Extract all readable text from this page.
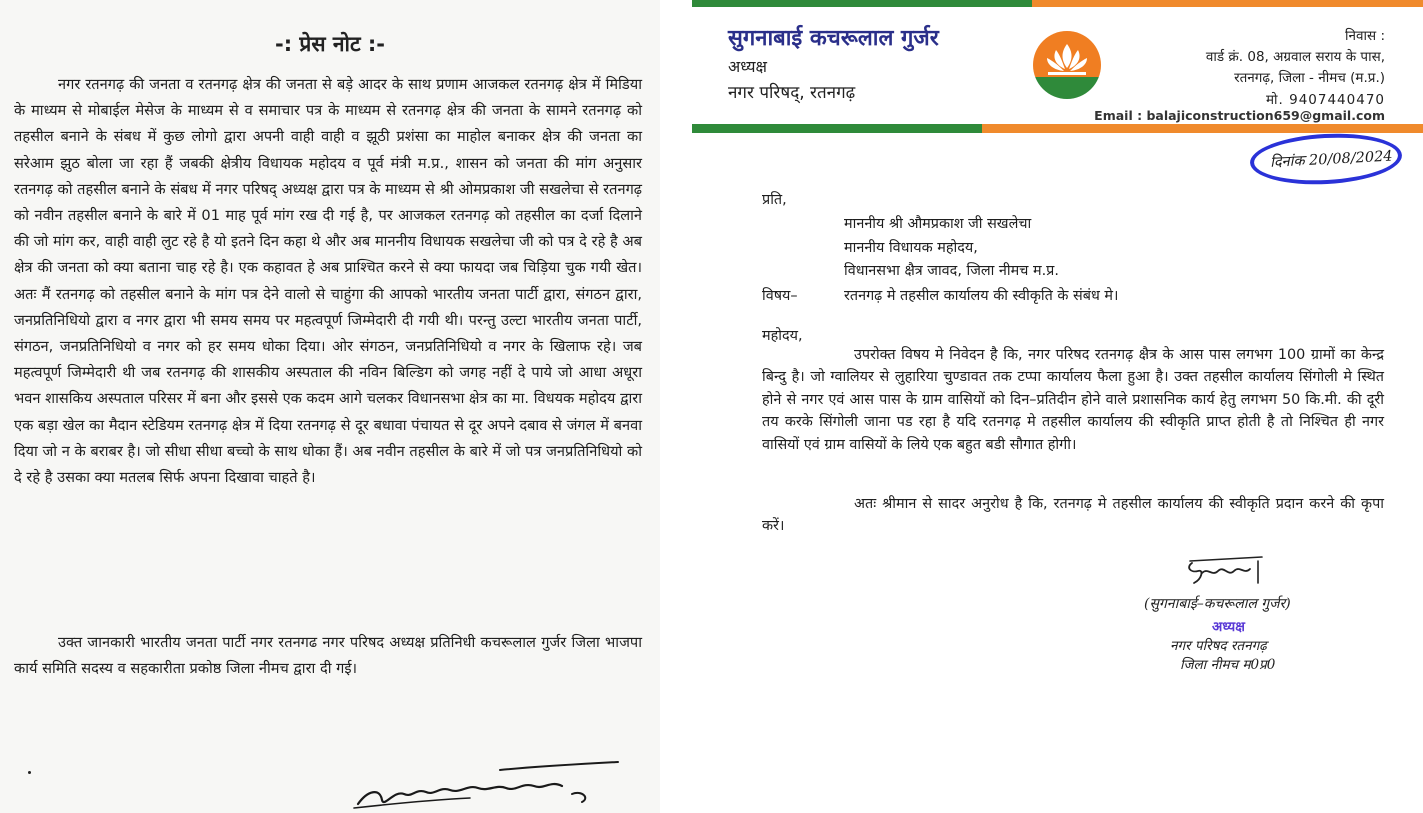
-: प्रेस नोट :-

नगर रतनगढ़ की जनता व रतनगढ़ क्षेत्र की जनता से बड़े आदर के साथ प्रणाम आजकल रतनगढ़ क्षेत्र में मिडिया के माध्यम से मोबाईल मेसेज के माध्यम से व समाचार पत्र के माध्यम से रतनगढ़ क्षेत्र की जनता के सामने रतनगढ़ को तहसील बनाने के संबध में कुछ लोगो द्वारा अपनी वाही वाही व झूठी प्रशंसा का माहोल बनाकर क्षेत्र की जनता का सरेआम झुठ बोला जा रहा हैं जबकी क्षेत्रीय विधायक महोदय व पूर्व मंत्री म.प्र., शासन को जनता की मांग अनुसार रतनगढ़ को तहसील बनाने के संबध में नगर परिषद् अध्यक्ष द्वारा पत्र के माध्यम से श्री ओमप्रकाश जी सखलेचा से रतनगढ़ को नवीन तहसील बनाने के बारे में 01 माह पूर्व मांग रख दी गई है, पर आजकल रतनगढ़ को तहसील का दर्जा दिलाने की जो मांग कर, वाही वाही लुट रहे है यो इतने दिन कहा थे और अब माननीय विधायक सखलेचा जी को पत्र दे रहे है अब क्षेत्र की जनता को क्या बताना चाह रहे है। एक कहावत हे अब प्राश्चित करने से क्या फायदा जब चिड़िया चुक गयी खेत। अतः मैं रतनगढ़ को तहसील बनाने के मांग पत्र देने वालो से चाहुंगा की आपको भारतीय जनता पार्टी द्वारा, संगठन द्वारा, जनप्रतिनिधियो द्वारा व नगर द्वारा भी समय समय पर महत्वपूर्ण जिम्मेदारी दी गयी थी। परन्तु उल्टा भारतीय जनता पार्टी, संगठन, जनप्रतिनिधियो व नगर को हर समय धोका दिया। ओर संगठन, जनप्रतिनिधियो व नगर के खिलाफ रहे। जब महत्वपूर्ण जिम्मेदारी थी जब रतनगढ़ की शासकीय अस्पताल की नविन बिल्डिग को जगह नहीं दे पाये जो आधा अधूरा भवन शासकिय अस्पताल परिसर में बना और इससे एक कदम आगे चलकर विधानसभा क्षेत्र का मा. विधयक महोदय द्वारा एक बड़ा खेल का मैदान स्टेडियम रतनगढ़ क्षेत्र में दिया रतनगढ़ से दूर बधावा पंचायत से दूर अपने दबाव से जंगल में बनवा दिया जो न के बराबर है। जो सीधा सीधा बच्चो के साथ धोका हैं। अब नवीन तहसील के बारे में जो पत्र जनप्रतिनिधियो को दे रहे है उसका क्या मतलब सिर्फ अपना दिखावा चाहते है।

उक्त जानकारी भारतीय जनता पार्टी नगर रतनगढ नगर परिषद अध्यक्ष प्रतिनिधी कचरूलाल गुर्जर जिला भाजपा कार्य समिति सदस्य व सहकारीता प्रकोष्ठ जिला नीमच द्वारा दी गई।

सुगनाबाई कचरूलाल गुर्जर
अध्यक्ष
नगर परिषद्, रतनगढ़
निवास :
वार्ड क्रं. 08, अग्रवाल सराय के पास,
रतनगढ़, जिला - नीमच (म.प्र.)
मो. 9407440470
Email : balajiconstruction659@gmail.com
दिनांक 20/08/2024
प्रति,
माननीय श्री औमप्रकाश जी सखलेचा
माननीय विधायक महोदय,
विधानसभा क्षैत्र जावद, जिला नीमच म.प्र.
विषय–	रतनगढ़ मे तहसील कार्यालय की स्वीकृति के संबंध मे।
महोदय,

उपरोक्त विषय मे निवेदन है कि, नगर परिषद रतनगढ़ क्षैत्र के आस पास लगभग 100 ग्रामों का केन्द्र बिन्दु है। जो ग्वालियर से लुहारिया चुण्डावत तक टप्पा कार्यालय फैला हुआ है। उक्त तहसील कार्यालय सिंगोली मे स्थित होने से नगर एवं आस पास के ग्राम वासियों को दिन–प्रतिदीन होने वाले प्रशासनिक कार्य हेतु लगभग 50 कि.मी. की दूरी तय करके सिंगोली जाना पड रहा है यदि रतनगढ़ मे तहसील कार्यालय की स्वीकृति प्राप्त होती है तो निश्चित ही नगर वासियों एवं ग्राम वासियों के लिये एक बहुत बडी सौगात होगी।

अतः श्रीमान से सादर अनुरोध है कि, रतनगढ़ मे तहसील कार्यालय की स्वीकृति प्रदान करने की कृपा करें।

(सुगनाबाई–कचरूलाल गुर्जर)
अध्यक्ष
नगर परिषद रतनगढ़
जिला नीमच म0प्र0
